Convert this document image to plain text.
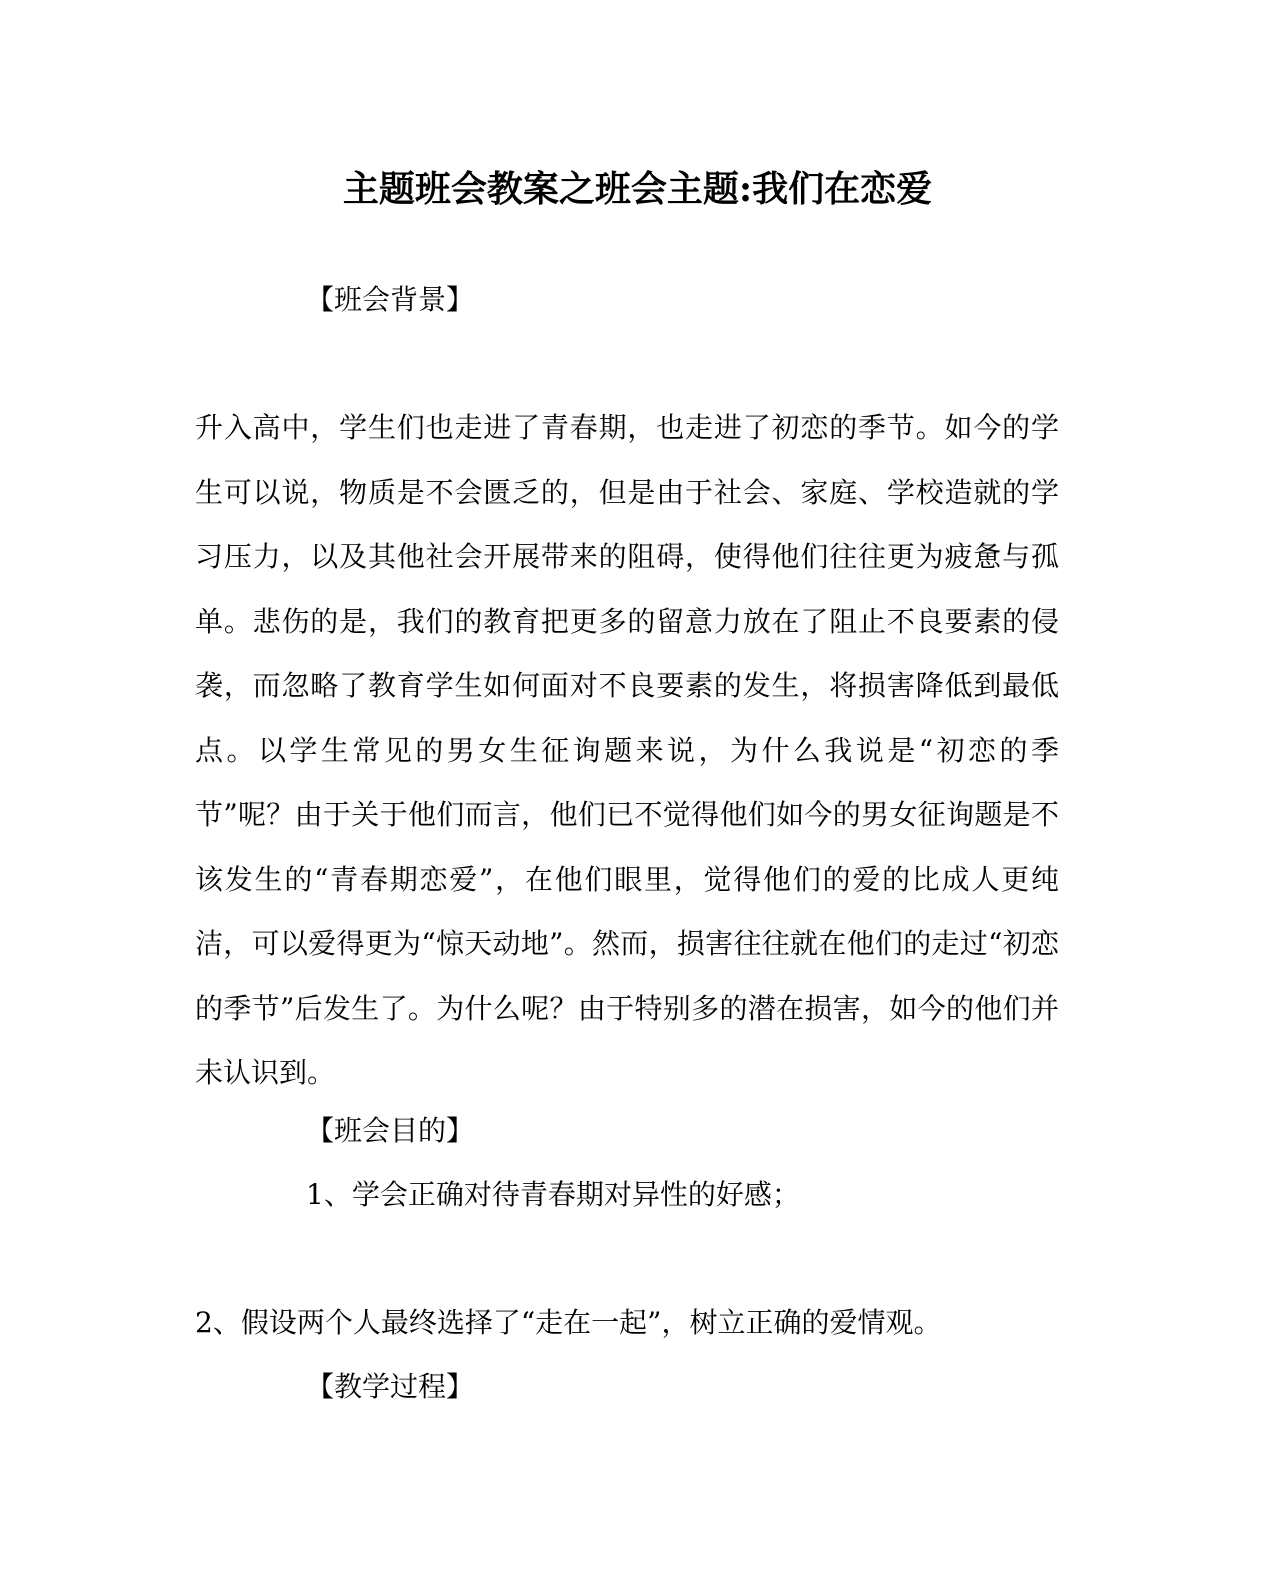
主题班会教案之班会主题:我们在恋爱
【班会背景】

升入高中，学生们也走进了青春期，也走进了初恋的季节。如今的学生可以说，物质是不会匮乏的，但是由于社会、家庭、学校造就的学习压力，以及其他社会开展带来的阻碍，使得他们往往更为疲惫与孤单。悲伤的是，我们的教育把更多的留意力放在了阻止不良要素的侵袭，而忽略了教育学生如何面对不良要素的发生，将损害降低到最低点。以学生常见的男女生征询题来说，为什么我说是“初恋的季节”呢？由于关于他们而言，他们已不觉得他们如今的男女征询题是不该发生的“青春期恋爱”，在他们眼里，觉得他们的爱的比成人更纯洁，可以爱得更为“惊天动地”。然而，损害往往就在他们的走过“初恋的季节”后发生了。为什么呢？由于特别多的潜在损害，如今的他们并未认识到。

【班会目的】
1、学会正确对待青春期对异性的好感；
2、假设两个人最终选择了“走在一起”，树立正确的爱情观。
【教学过程】
